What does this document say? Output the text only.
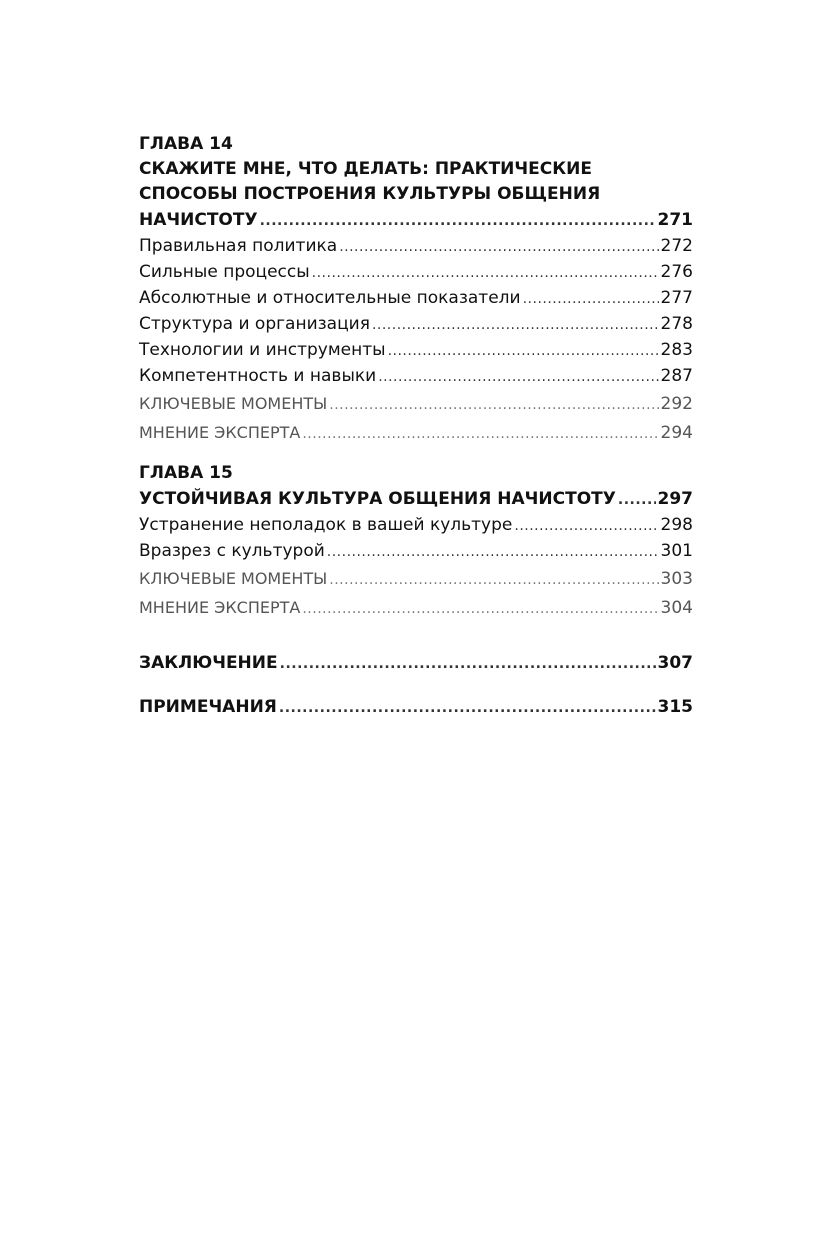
ГЛАВА 14
СКАЖИТЕ МНЕ, ЧТО ДЕЛАТЬ: ПРАКТИЧЕСКИЕ
СПОСОБЫ ПОСТРОЕНИЯ КУЛЬТУРЫ ОБЩЕНИЯ
НАЧИСТОТУ .....	271
Правильная политика .....	272
Сильные процессы .....	276
Абсолютные и относительные показатели .....	277
Структура и организация .....	278
Технологии и инструменты .....	283
Компетентность и навыки .....	287
КЛЮЧЕВЫЕ МОМЕНТЫ .....	292
МНЕНИЕ ЭКСПЕРТА .....	294
ГЛАВА 15
УСТОЙЧИВАЯ КУЛЬТУРА ОБЩЕНИЯ НАЧИСТОТУ ..... 297
Устранение неполадок в вашей культуре .....	298
Вразрез с культурой .....	301
КЛЮЧЕВЫЕ МОМЕНТЫ .....	303
МНЕНИЕ ЭКСПЕРТА .....	304
ЗАКЛЮЧЕНИЕ .....	307
ПРИМЕЧАНИЯ .....	315
